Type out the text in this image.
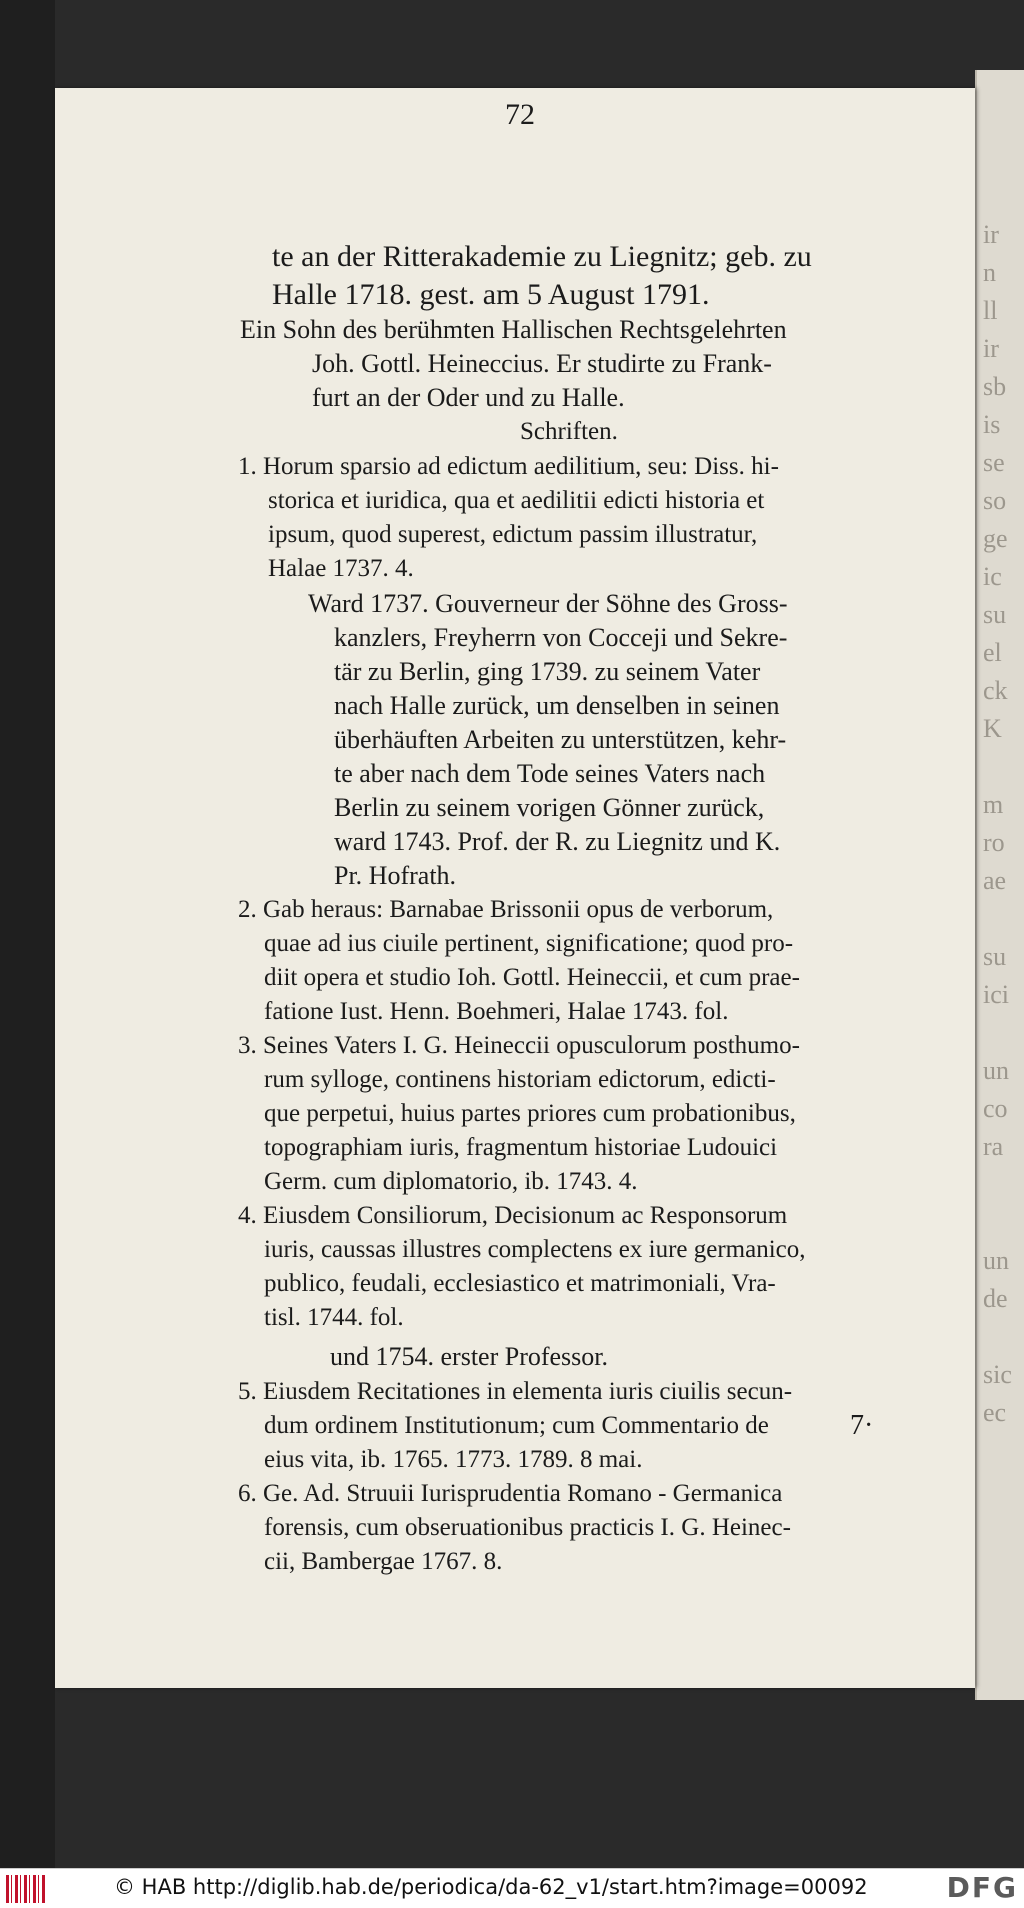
ir
n
ll
ir
sb
is
se
so
ge
ic
su
el
ck
K
m
ro
ae
su
ici
un
co
ra
un
de
sic
ec
72
te an der Ritterakademie zu Liegnitz; geb. zu
Halle 1718. gest. am 5 August 1791.
Ein Sohn des berühmten Hallischen Rechtsgelehrten
Joh. Gottl. Heineccius. Er studirte zu Frank-
furt an der Oder und zu Halle.
Schriften.
1. Horum sparsio ad edictum aedilitium, seu: Diss. hi-
storica et iuridica, qua et aedilitii edicti historia et
ipsum, quod superest, edictum passim illustratur,
Halae 1737. 4.
Ward 1737. Gouverneur der Söhne des Gross-
kanzlers, Freyherrn von Cocceji und Sekre-
tär zu Berlin, ging 1739. zu seinem Vater
nach Halle zurück, um denselben in seinen
überhäuften Arbeiten zu unterstützen, kehr-
te aber nach dem Tode seines Vaters nach
Berlin zu seinem vorigen Gönner zurück,
ward 1743. Prof. der R. zu Liegnitz und K.
Pr. Hofrath.
2. Gab heraus: Barnabae Brissonii opus de verborum,
quae ad ius ciuile pertinent, significatione; quod pro-
diit opera et studio Ioh. Gottl. Heineccii, et cum prae-
fatione Iust. Henn. Boehmeri, Halae 1743. fol.
3. Seines Vaters I. G. Heineccii opusculorum posthumo-
rum sylloge, continens historiam edictorum, edicti-
que perpetui, huius partes priores cum probationibus,
topographiam iuris, fragmentum historiae Ludouici
Germ. cum diplomatorio, ib. 1743. 4.
4. Eiusdem Consiliorum, Decisionum ac Responsorum
iuris, caussas illustres complectens ex iure germanico,
publico, feudali, ecclesiastico et matrimoniali, Vra-
tisl. 1744. fol.
und 1754. erster Professor.
5. Eiusdem Recitationes in elementa iuris ciuilis secun-
dum ordinem Institutionum; cum Commentario de
eius vita, ib. 1765. 1773. 1789. 8 mai.
6. Ge. Ad. Struuii Iurisprudentia Romano - Germanica
forensis, cum obseruationibus practicis I. G. Heinec-
cii, Bambergae 1767. 8.
7·
© HAB http://diglib.hab.de/periodica/da-62_v1/start.htm?image=00092	DFG
